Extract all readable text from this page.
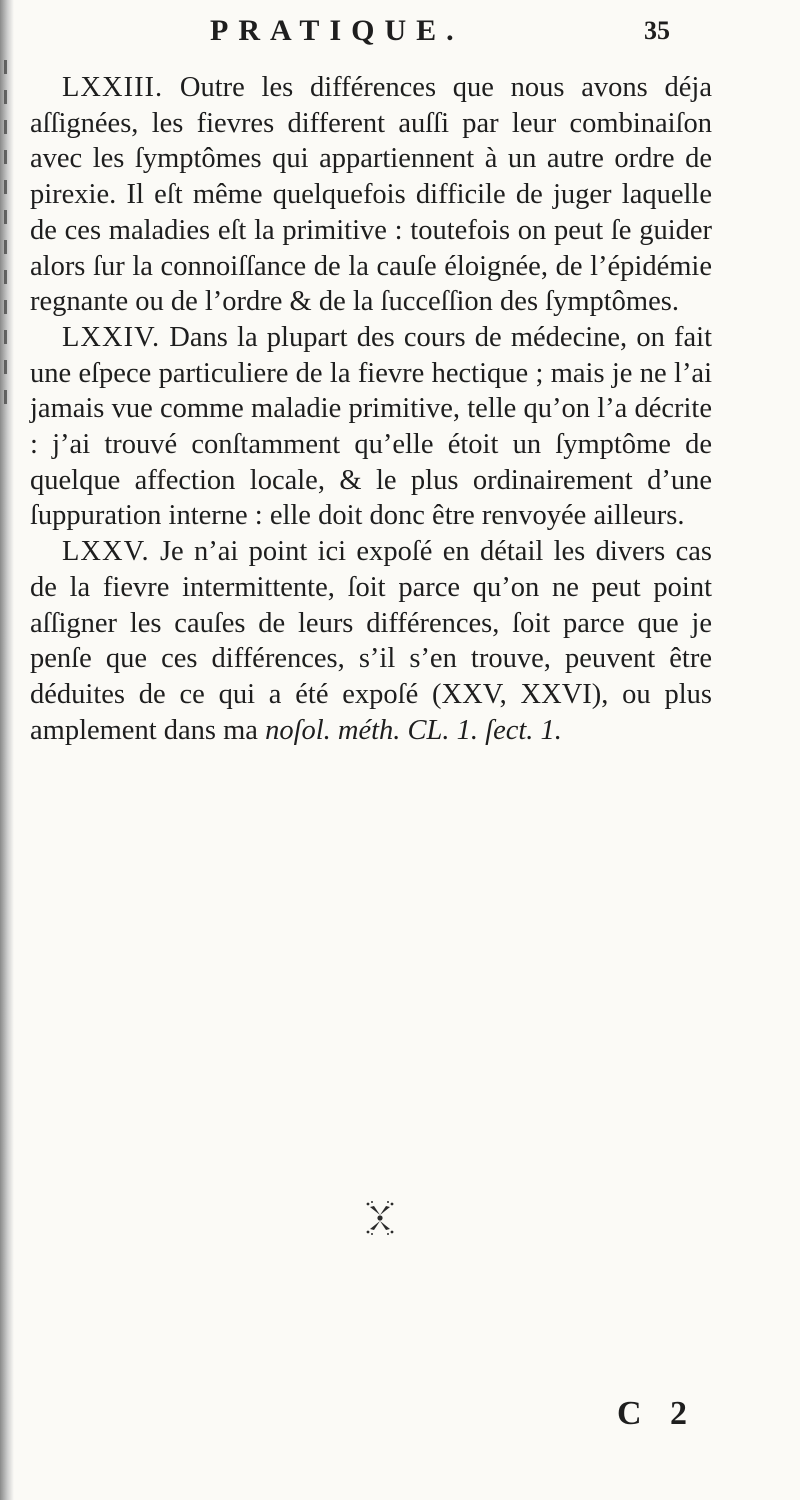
PRATIQUE.	35

LXXIII. Outre les différences que nous avons déja aſſignées, les fievres different auſſi par leur combinaiſon avec les ſymptômes qui appartiennent à un autre ordre de pirexie. Il eſt même quelquefois difficile de juger laquelle de ces maladies eſt la primitive : toutefois on peut ſe guider alors ſur la connoiſſance de la cauſe éloignée, de l’épidémie regnante ou de l’ordre & de la ſucceſſion des ſymptômes.

LXXIV. Dans la plupart des cours de médecine, on fait une eſpece particuliere de la fievre hectique ; mais je ne l’ai jamais vue comme maladie primitive, telle qu’on l’a décrite : j’ai trouvé conſtamment qu’elle étoit un ſymptôme de quelque affection locale, & le plus ordinairement d’une ſuppuration interne : elle doit donc être renvoyée ailleurs.

LXXV. Je n’ai point ici expoſé en détail les divers cas de la fievre intermittente, ſoit parce qu’on ne peut point aſſigner les cauſes de leurs différences, ſoit parce que je penſe que ces différences, s’il s’en trouve, peuvent être déduites de ce qui a été expoſé (XXV, XXVI), ou plus amplement dans ma noſol. méth. CL. 1. ſect. 1.

C 2
